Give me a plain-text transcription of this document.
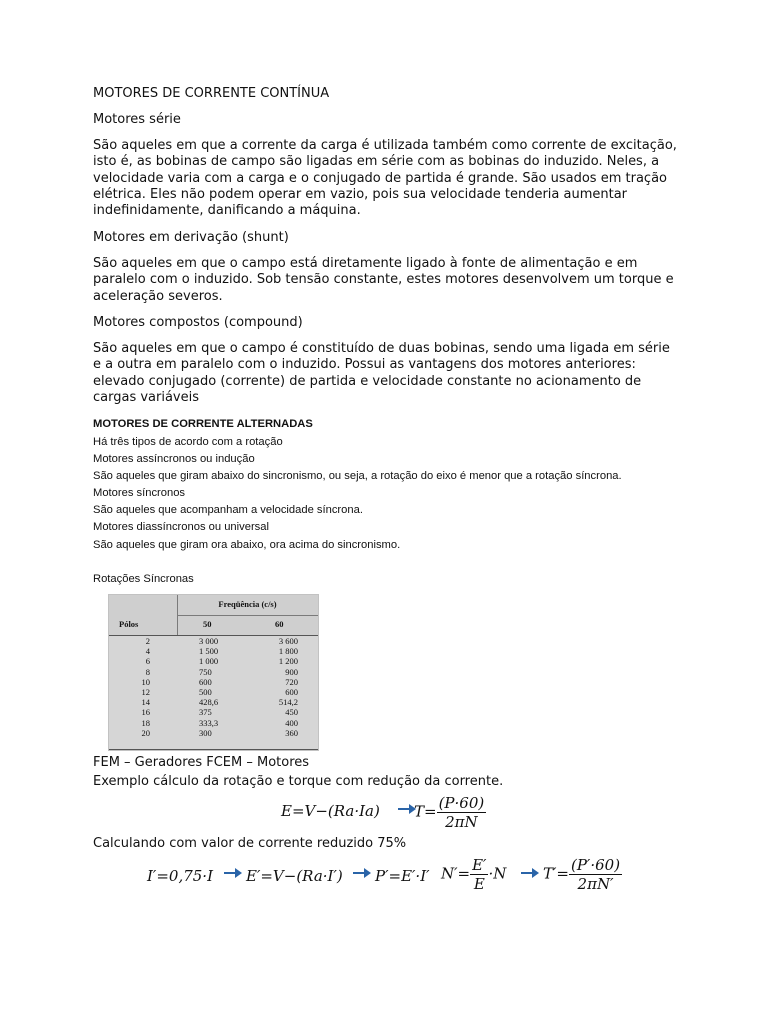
MOTORES DE CORRENTE CONTÍNUA
Motores série
São aqueles em que a corrente da carga é utilizada também como corrente de excitação,
isto é, as bobinas de campo são ligadas em série com as bobinas do induzido. Neles, a
velocidade varia com a carga e o conjugado de partida é grande. São usados em tração
elétrica. Eles não podem operar em vazio, pois sua velocidade tenderia aumentar
indefinidamente, danificando a máquina.
Motores em derivação (shunt)
São aqueles em que o campo está diretamente ligado à fonte de alimentação e em
paralelo com o induzido. Sob tensão constante, estes motores desenvolvem um torque e
aceleração severos.
Motores compostos (compound)
São aqueles em que o campo é constituído de duas bobinas, sendo uma ligada em série
e a outra em paralelo com o induzido. Possui as vantagens dos motores anteriores:
elevado conjugado (corrente) de partida e velocidade constante no acionamento de
cargas variáveis
MOTORES DE CORRENTE ALTERNADAS
Há três tipos de acordo com a rotação
Motores assíncronos ou indução
São aqueles que giram abaixo do sincronismo, ou seja, a rotação do eixo é menor que a rotação síncrona.
Motores síncronos
São aqueles que acompanham a velocidade síncrona.
Motores diassíncronos ou universal
São aqueles que giram ora abaixo, ora acima do sincronismo.
Rotações Síncronas
Freqüência (c/s)
Pólos	50	60
2	3 000	3 600
4	1 500	1 800
6	1 000	1 200
8	750	900
10	600	720
12	500	600
14	428,6	514,2
16	375	450
18	333,3	400
20	300	360
FEM – Geradores FCEM – Motores
Exemplo cálculo da rotação e torque com redução da corrente.
E=V−(Ra·Ia) $T= \frac{(P\cdot 60)}{2\pi N}$
Calculando com valor de corrente reduzido 75%
I′=0,75·I E′=V−(Ra·I′) P′=E′·I′ $N'= \frac{E'}{E} \cdot N$ $T'= \frac{(P'\cdot 60)}{2\pi N'}$
